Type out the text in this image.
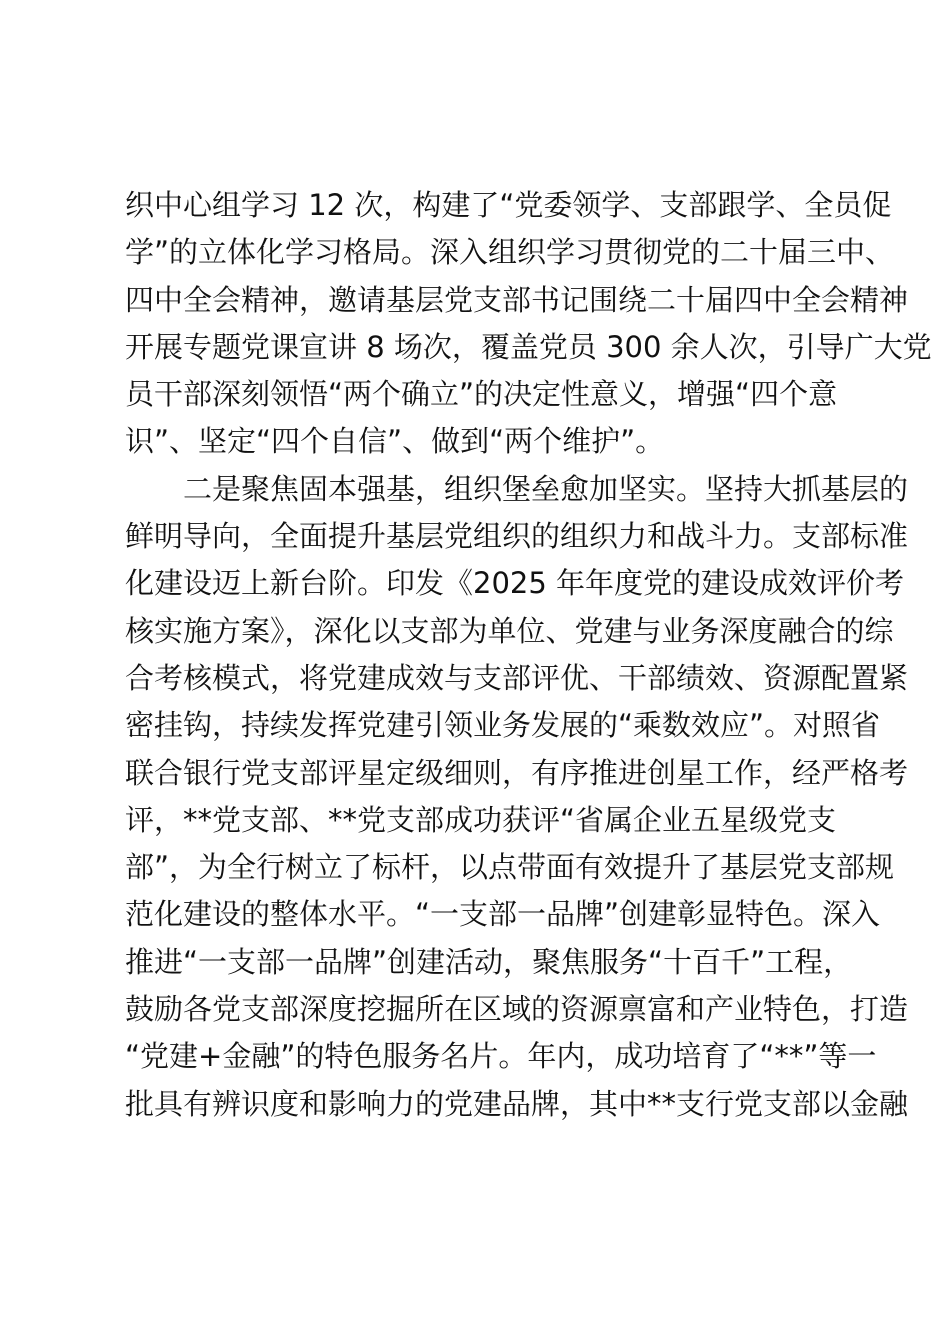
织中心组学习 12 次，构建了“党委领学、支部跟学、全员促
学”的立体化学习格局。深入组织学习贯彻党的二十届三中、
四中全会精神，邀请基层党支部书记围绕二十届四中全会精神
开展专题党课宣讲 8 场次，覆盖党员 300 余人次，引导广大党
员干部深刻领悟“两个确立”的决定性意义，增强“四个意
识”、坚定“四个自信”、做到“两个维护”。
二是聚焦固本强基，组织堡垒愈加坚实。坚持大抓基层的
鲜明导向，全面提升基层党组织的组织力和战斗力。支部标准
化建设迈上新台阶。印发《2025 年年度党的建设成效评价考
核实施方案》，深化以支部为单位、党建与业务深度融合的综
合考核模式，将党建成效与支部评优、干部绩效、资源配置紧
密挂钩，持续发挥党建引领业务发展的“乘数效应”。对照省
联合银行党支部评星定级细则，有序推进创星工作，经严格考
评，**党支部、**党支部成功获评“省属企业五星级党支
部”，为全行树立了标杆，以点带面有效提升了基层党支部规
范化建设的整体水平。“一支部一品牌”创建彰显特色。深入
推进“一支部一品牌”创建活动，聚焦服务“十百千”工程，
鼓励各党支部深度挖掘所在区域的资源禀富和产业特色，打造
“党建+金融”的特色服务名片。年内，成功培育了“**”等一
批具有辨识度和影响力的党建品牌，其中**支行党支部以金融
